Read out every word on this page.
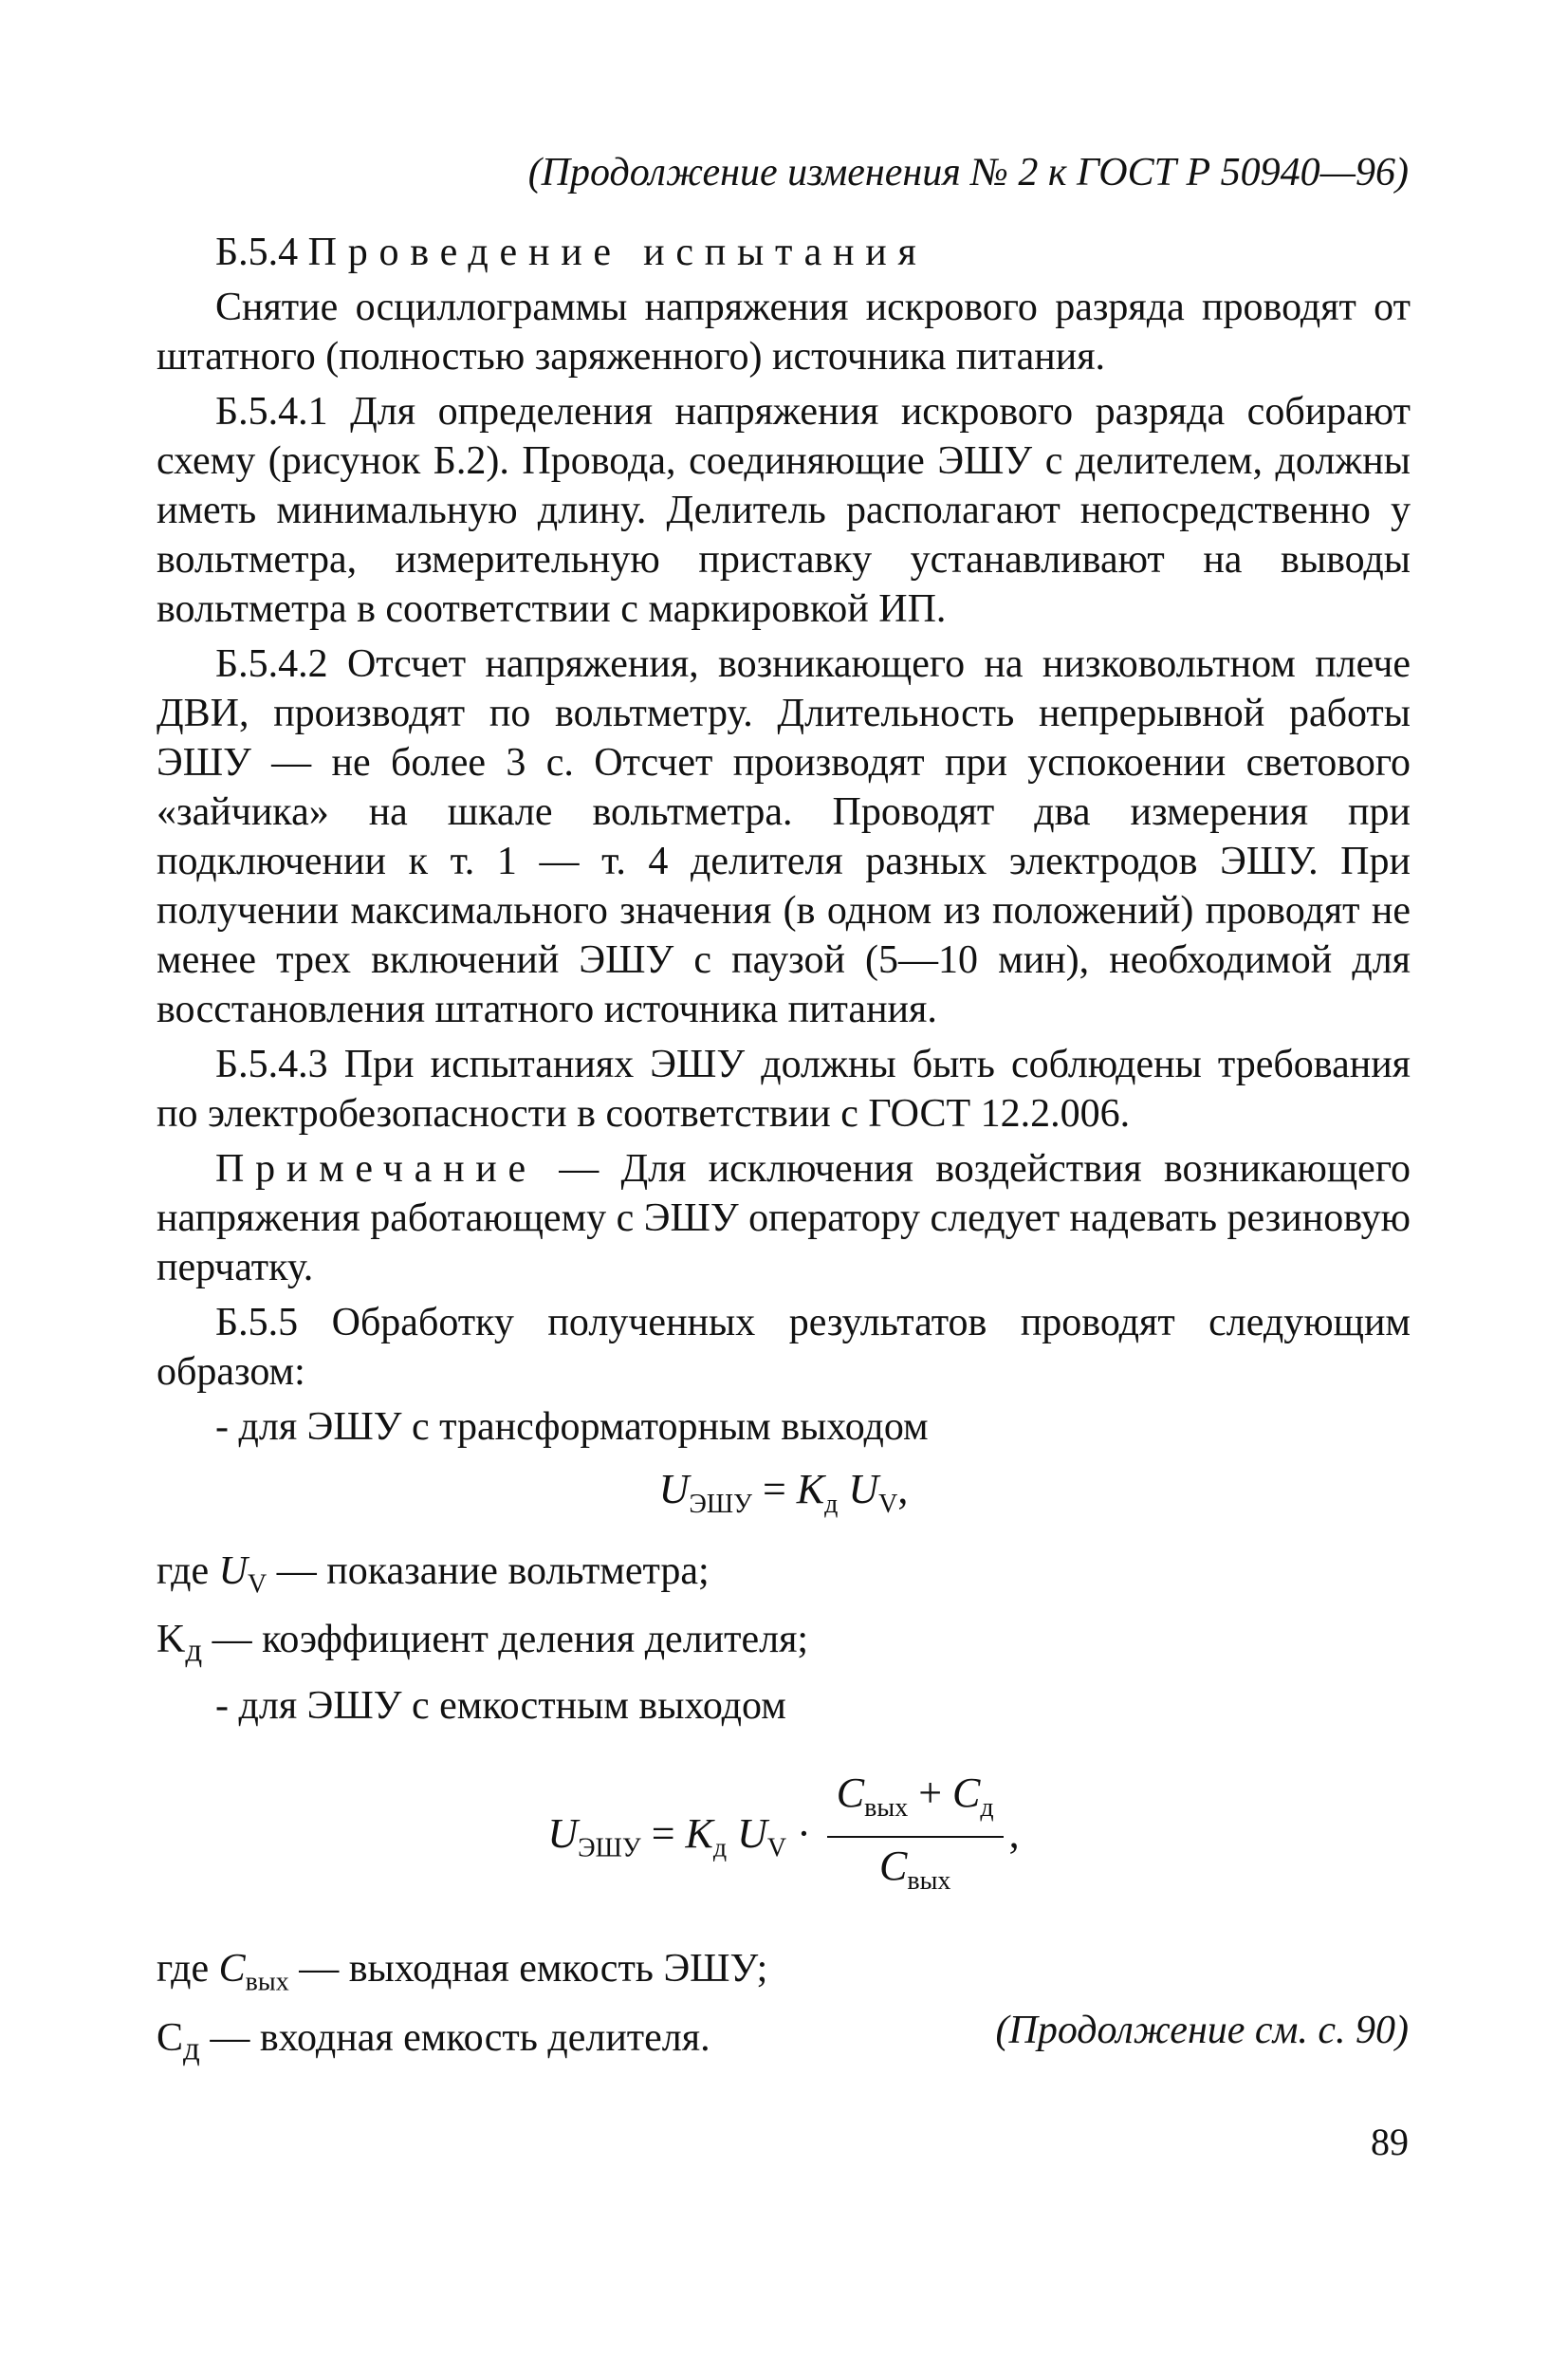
(Продолжение изменения № 2 к ГОСТ Р 50940—96)

Б.5.4 Проведение испытания

Снятие осциллограммы напряжения искрового разряда проводят от штатного (полностью заряженного) источника питания.

Б.5.4.1 Для определения напряжения искрового разряда собирают схему (рисунок Б.2). Провода, соединяющие ЭШУ с делителем, должны иметь минимальную длину. Делитель располагают непосредственно у вольтметра, измерительную приставку устанавливают на выводы вольтметра в соответствии с маркировкой ИП.

Б.5.4.2 Отсчет напряжения, возникающего на низковольтном плече ДВИ, производят по вольтметру. Длительность непрерывной работы ЭШУ — не более 3 с. Отсчет производят при успокоении светового «зайчика» на шкале вольтметра. Проводят два измерения при подключении к т. 1 — т. 4 делителя разных электродов ЭШУ. При получении максимального значения (в одном из положений) проводят не менее трех включений ЭШУ с паузой (5—10 мин), необходимой для восстановления штатного источника питания.

Б.5.4.3 При испытаниях ЭШУ должны быть соблюдены требования по электробезопасности в соответствии с ГОСТ 12.2.006.

Примечание — Для исключения воздействия возникающего напряжения работающему с ЭШУ оператору следует надевать резиновую перчатку.

Б.5.5 Обработку полученных результатов проводят следующим образом:

- для ЭШУ с трансформаторным выходом

$U_{ЭШУ} = K_д$ $U_V$,

где $U_V$ — показание вольтметра;

$K_д$ — коэффициент деления делителя;

- для ЭШУ с емкостным выходом

$U_{ЭШУ} = K_д$ $U_V \cdot \frac{C_{вых} + C_д}{C_{вых}}$ ,

где $C_{вых}$ — выходная емкость ЭШУ;

$C_д$ — входная емкость делителя.	(Продолжение см. с. 90)
89
